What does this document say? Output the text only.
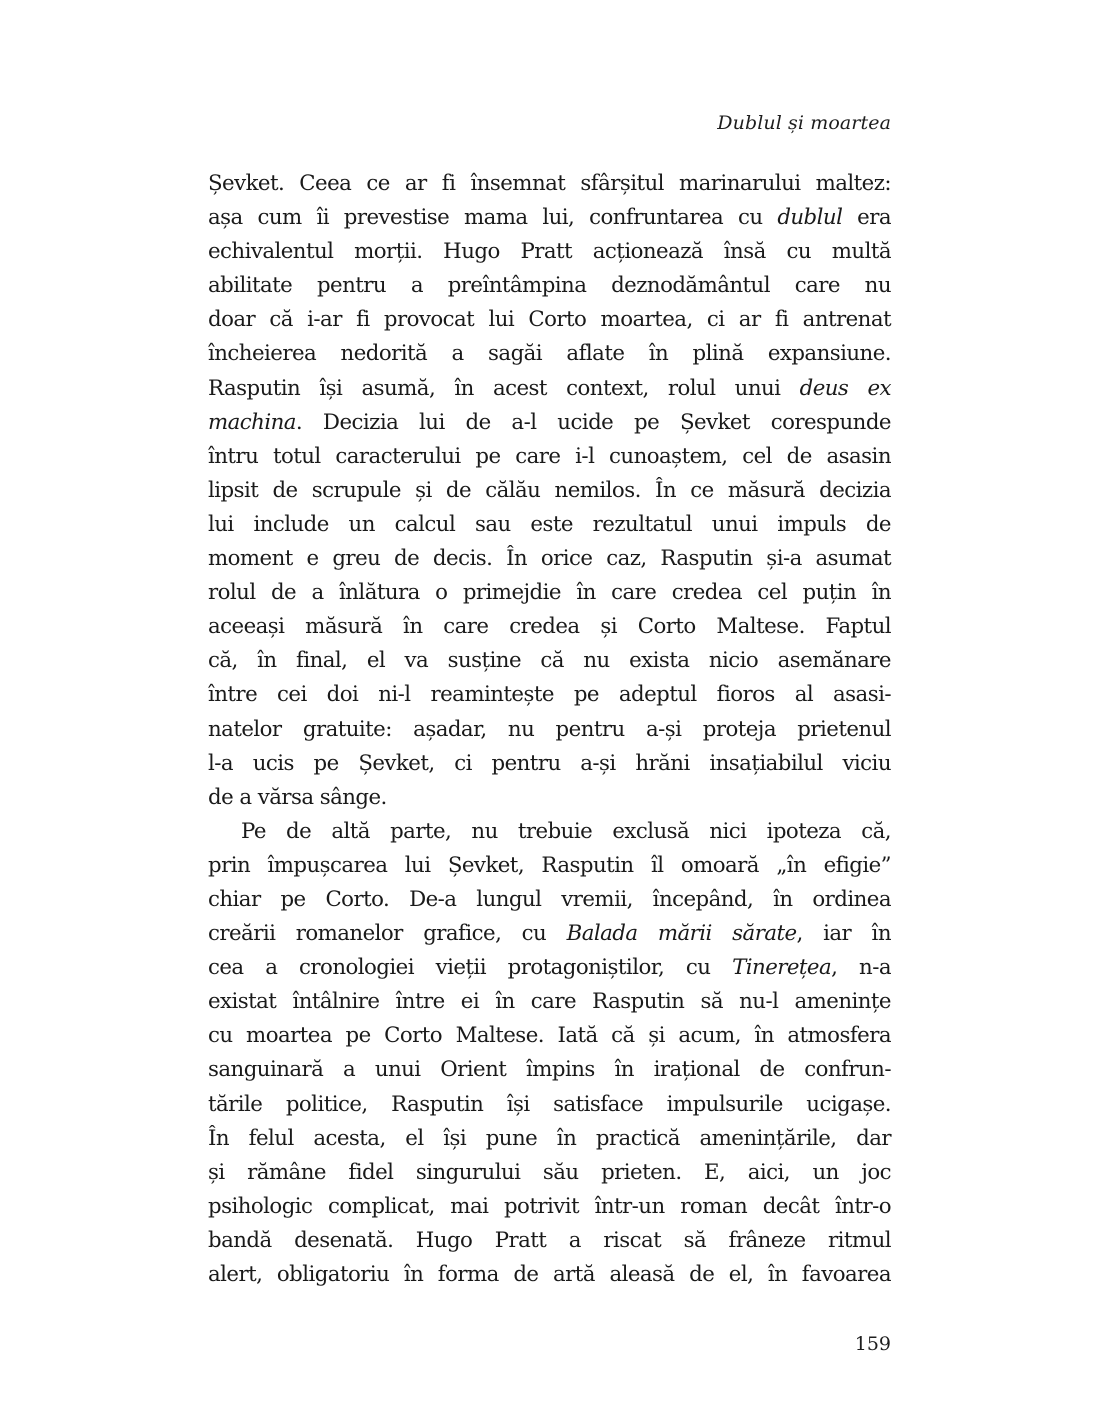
Dublul și moartea
Șevket. Ceea ce ar fi însemnat sfârșitul marinarului maltez:
așa cum îi prevestise mama lui, confruntarea cu dublul era
echivalentul morții. Hugo Pratt acționează însă cu multă
abilitate pentru a preîntâmpina deznodământul care nu
doar că i-ar fi provocat lui Corto moartea, ci ar fi antrenat
încheierea nedorită a sagăi aflate în plină expansiune.
Rasputin își asumă, în acest context, rolul unui deus ex
machina. Decizia lui de a-l ucide pe Șevket corespunde
întru totul caracterului pe care i-l cunoaștem, cel de asasin
lipsit de scrupule și de călău nemilos. În ce măsură decizia
lui include un calcul sau este rezultatul unui impuls de
moment e greu de decis. În orice caz, Rasputin și-a asumat
rolul de a înlătura o primejdie în care credea cel puțin în
aceeași măsură în care credea și Corto Maltese. Faptul
că, în final, el va susține că nu exista nicio asemănare
între cei doi ni-l reamintește pe adeptul fioros al asasi-
natelor gratuite: așadar, nu pentru a-și proteja prietenul
l-a ucis pe Șevket, ci pentru a-și hrăni insațiabilul viciu
de a vărsa sânge.
Pe de altă parte, nu trebuie exclusă nici ipoteza că,
prin împușcarea lui Șevket, Rasputin îl omoară „în efigie”
chiar pe Corto. De-a lungul vremii, începând, în ordinea
creării romanelor grafice, cu Balada mării sărate, iar în
cea a cronologiei vieții protagoniștilor, cu Tinerețea, n-a
existat întâlnire între ei în care Rasputin să nu-l amenințe
cu moartea pe Corto Maltese. Iată că și acum, în atmosfera
sanguinară a unui Orient împins în irațional de confrun-
tările politice, Rasputin își satisface impulsurile ucigașe.
În felul acesta, el își pune în practică amenințările, dar
și rămâne fidel singurului său prieten. E, aici, un joc
psihologic complicat, mai potrivit într-un roman decât într-o
bandă desenată. Hugo Pratt a riscat să frâneze ritmul
alert, obligatoriu în forma de artă aleasă de el, în favoarea
159
